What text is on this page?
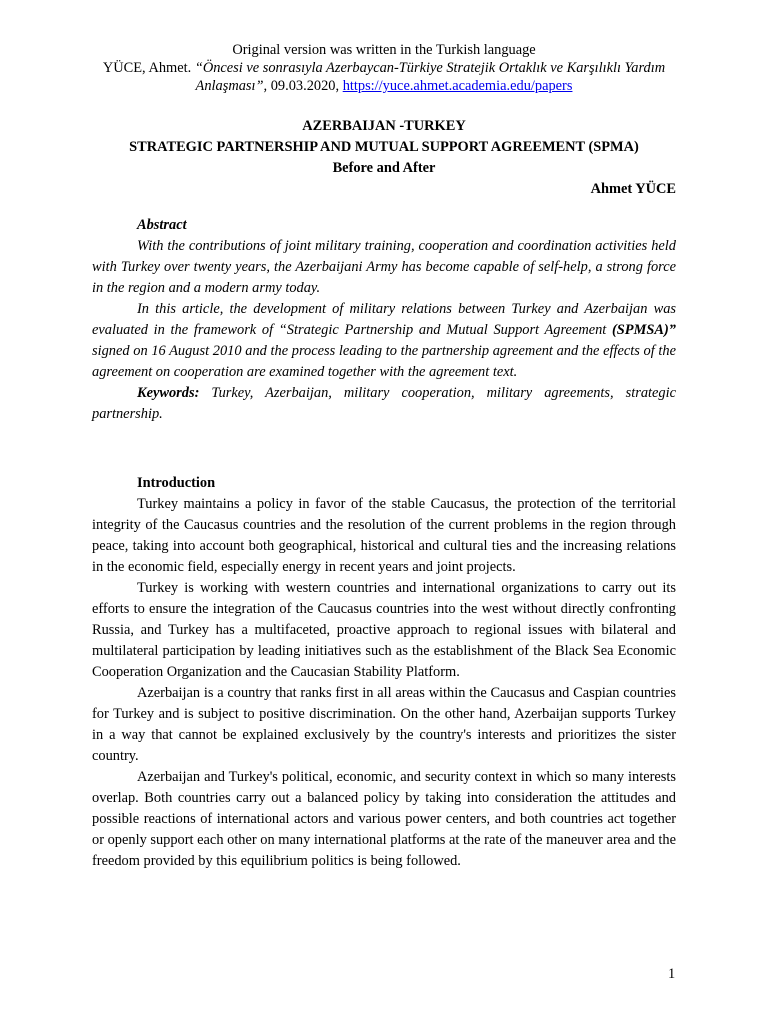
Original version was written in the Turkish language
YÜCE, Ahmet. “Öncesi ve sonrasıyla Azerbaycan-Türkiye Stratejik Ortaklık ve Karşılıklı Yardım Anlaşması”, 09.03.2020, https://yuce.ahmet.academia.edu/papers
AZERBAIJAN -TURKEY
STRATEGIC PARTNERSHIP AND MUTUAL SUPPORT AGREEMENT (SPMA)
Before and After
Ahmet YÜCE
Abstract

With the contributions of joint military training, cooperation and coordination activities held with Turkey over twenty years, the Azerbaijani Army has become capable of self-help, a strong force in the region and a modern army today.

In this article, the development of military relations between Turkey and Azerbaijan was evaluated in the framework of “Strategic Partnership and Mutual Support Agreement (SPMSA)” signed on 16 August 2010 and the process leading to the partnership agreement and the effects of the agreement on cooperation are examined together with the agreement text.

Keywords: Turkey, Azerbaijan, military cooperation, military agreements, strategic partnership.

Introduction

Turkey maintains a policy in favor of the stable Caucasus, the protection of the territorial integrity of the Caucasus countries and the resolution of the current problems in the region through peace, taking into account both geographical, historical and cultural ties and the increasing relations in the economic field, especially energy in recent years and joint projects.

Turkey is working with western countries and international organizations to carry out its efforts to ensure the integration of the Caucasus countries into the west without directly confronting Russia, and Turkey has a multifaceted, proactive approach to regional issues with bilateral and multilateral participation by leading initiatives such as the establishment of the Black Sea Economic Cooperation Organization and the Caucasian Stability Platform.

Azerbaijan is a country that ranks first in all areas within the Caucasus and Caspian countries for Turkey and is subject to positive discrimination. On the other hand, Azerbaijan supports Turkey in a way that cannot be explained exclusively by the country's interests and prioritizes the sister country.

Azerbaijan and Turkey's political, economic, and security context in which so many interests overlap. Both countries carry out a balanced policy by taking into consideration the attitudes and possible reactions of international actors and various power centers, and both countries act together or openly support each other on many international platforms at the rate of the maneuver area and the freedom provided by this equilibrium politics is being followed.

1
